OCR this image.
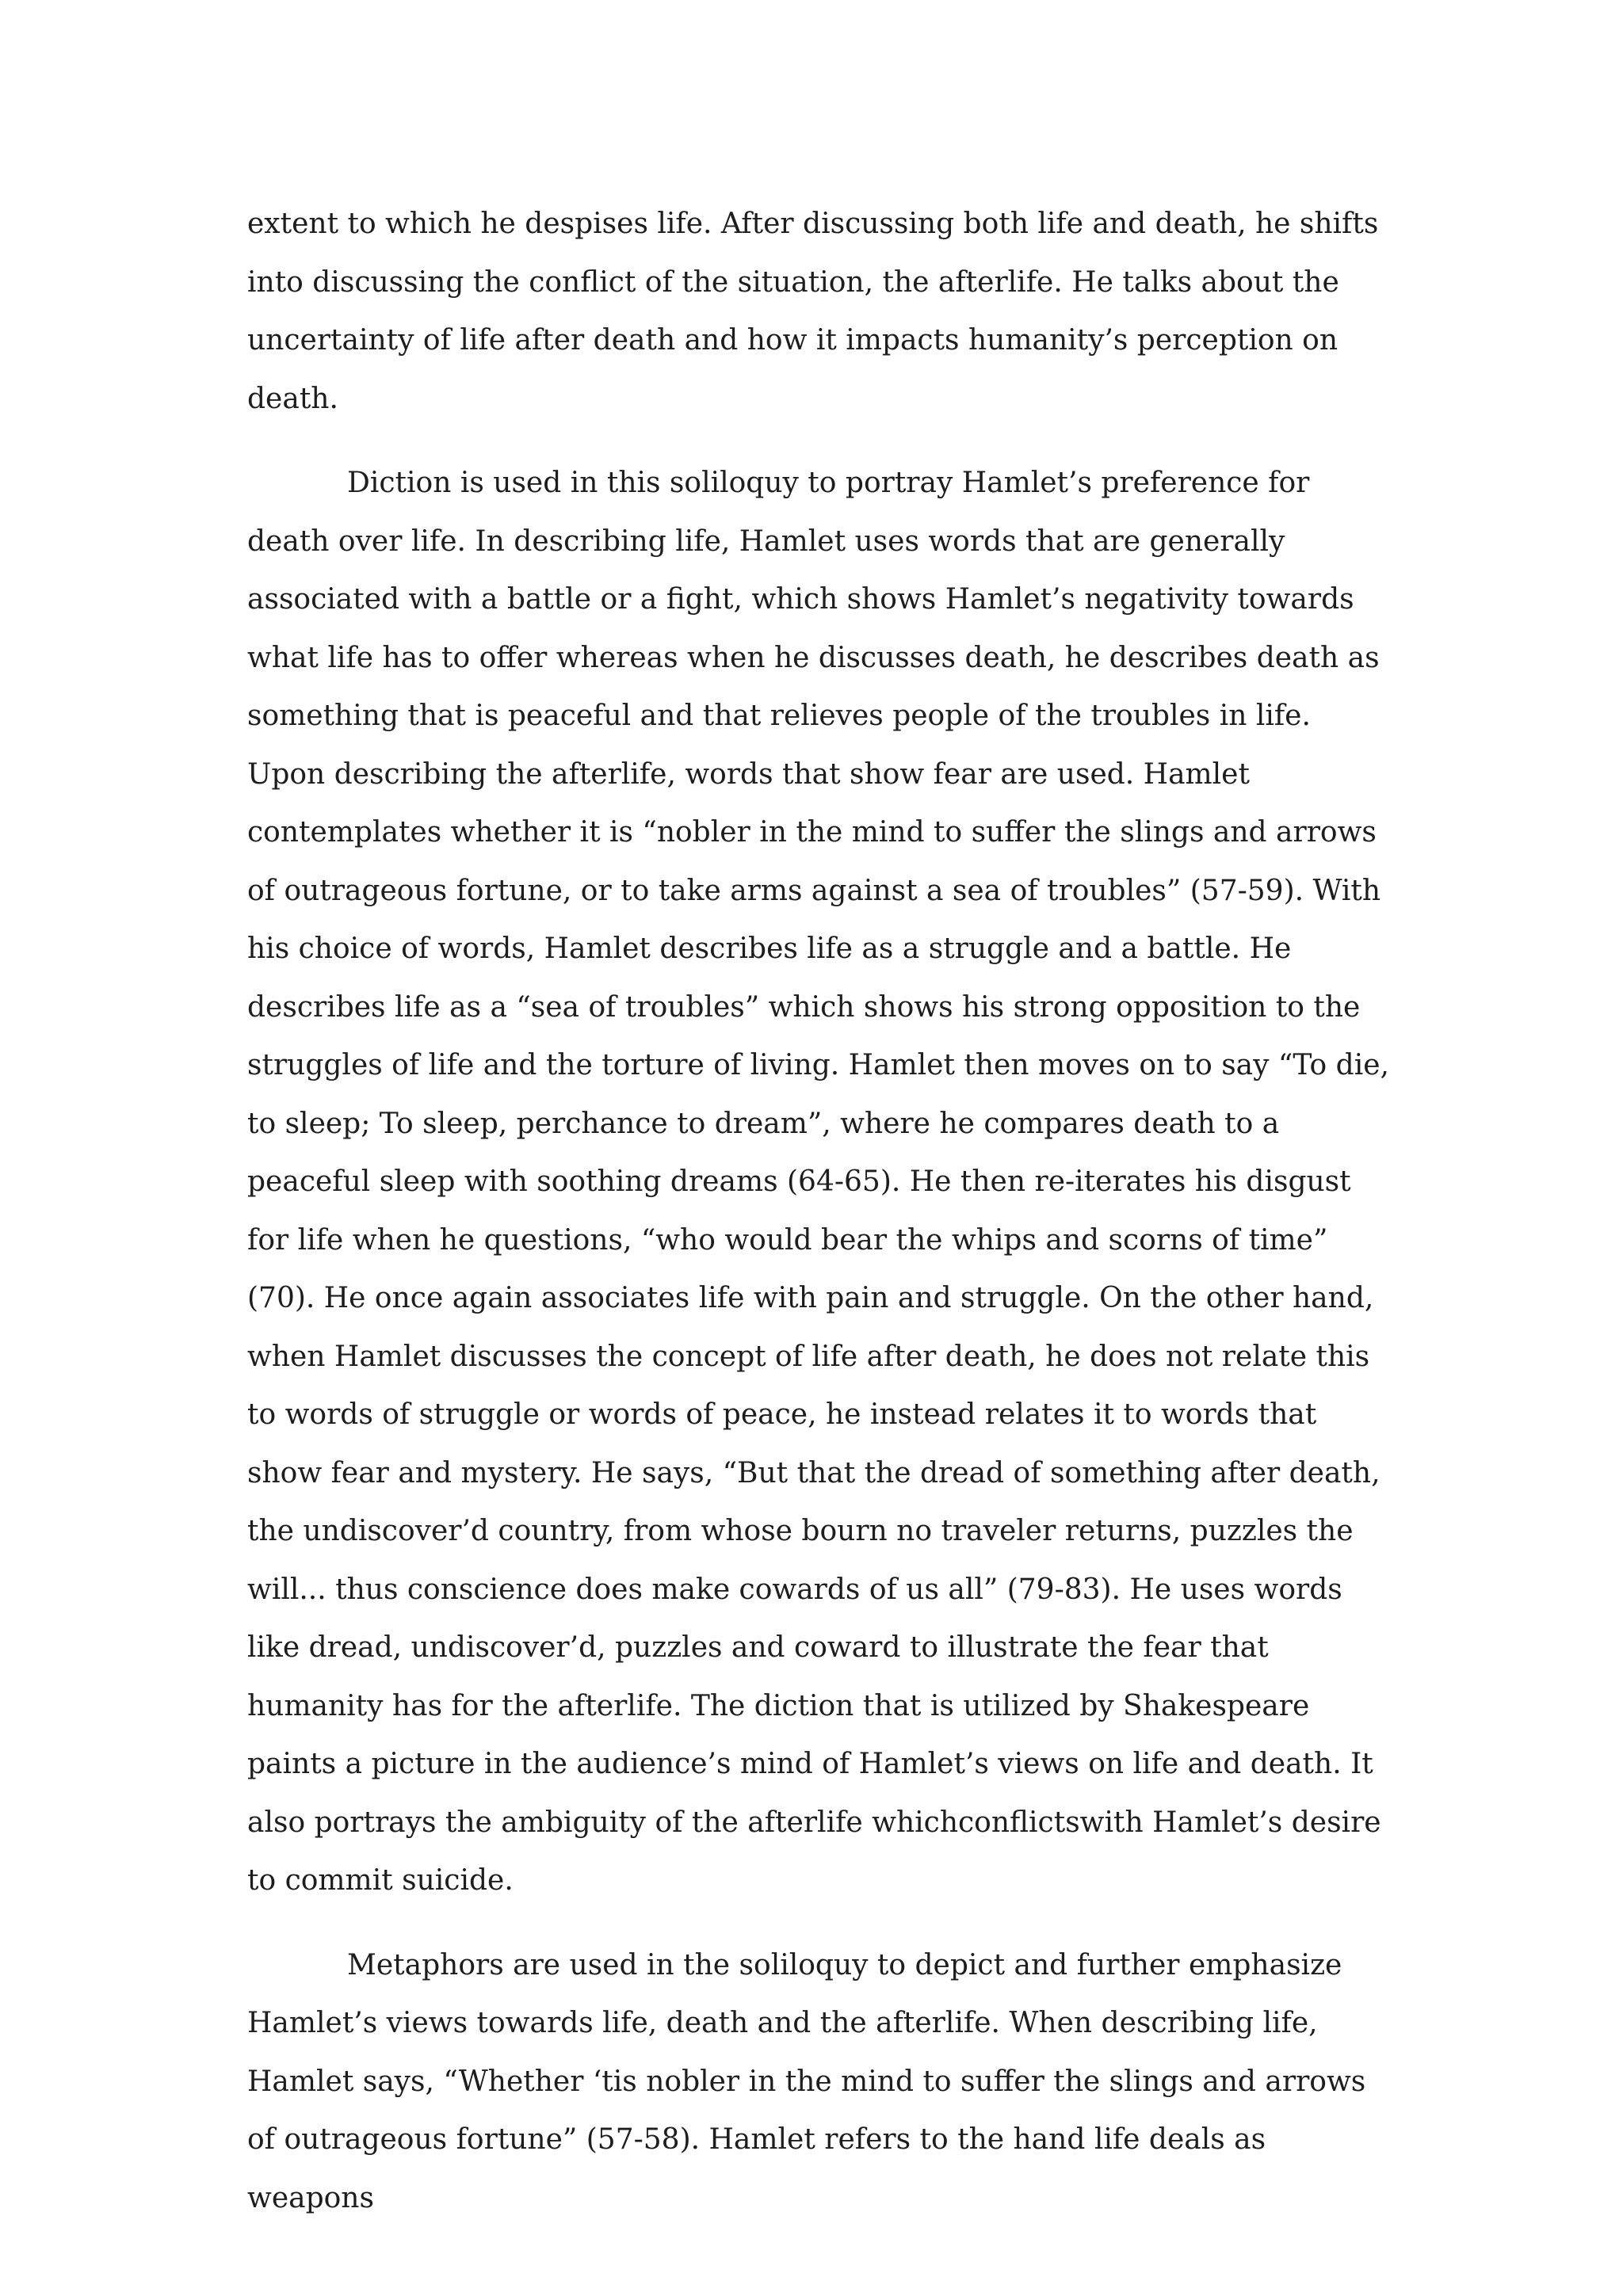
extent to which he despises life. After discussing both life and death, he shifts into discussing the conflict of the situation, the afterlife. He talks about the uncertainty of life after death and how it impacts humanity’s perception on death.

Diction is used in this soliloquy to portray Hamlet’s preference for death over life. In describing life, Hamlet uses words that are generally associated with a battle or a fight, which shows Hamlet’s negativity towards what life has to offer whereas when he discusses death, he describes death as something that is peaceful and that relieves people of the troubles in life. Upon describing the afterlife, words that show fear are used. Hamlet contemplates whether it is “nobler in the mind to suffer the slings and arrows of outrageous fortune, or to take arms against a sea of troubles” (57-59). With his choice of words, Hamlet describes life as a struggle and a battle. He describes life as a “sea of troubles” which shows his strong opposition to the struggles of life and the torture of living. Hamlet then moves on to say “To die, to sleep; To sleep, perchance to dream”, where he compares death to a peaceful sleep with soothing dreams (64-65). He then re-iterates his disgust for life when he questions, “who would bear the whips and scorns of time” (70). He once again associates life with pain and struggle. On the other hand, when Hamlet discusses the concept of life after death, he does not relate this to words of struggle or words of peace, he instead relates it to words that show fear and mystery. He says, “But that the dread of something after death, the undiscover’d country, from whose bourn no traveler returns, puzzles the will... thus conscience does make cowards of us all” (79-83). He uses words like dread, undiscover’d, puzzles and coward to illustrate the fear that humanity has for the afterlife. The diction that is utilized by Shakespeare paints a picture in the audience’s mind of Hamlet’s views on life and death. It also portrays the ambiguity of the afterlife whichconflictswith Hamlet’s desire to commit suicide.

Metaphors are used in the soliloquy to depict and further emphasize Hamlet’s views towards life, death and the afterlife. When describing life, Hamlet says, “Whether ‘tis nobler in the mind to suffer the slings and arrows of outrageous fortune” (57-58). Hamlet refers to the hand life deals as weapons
